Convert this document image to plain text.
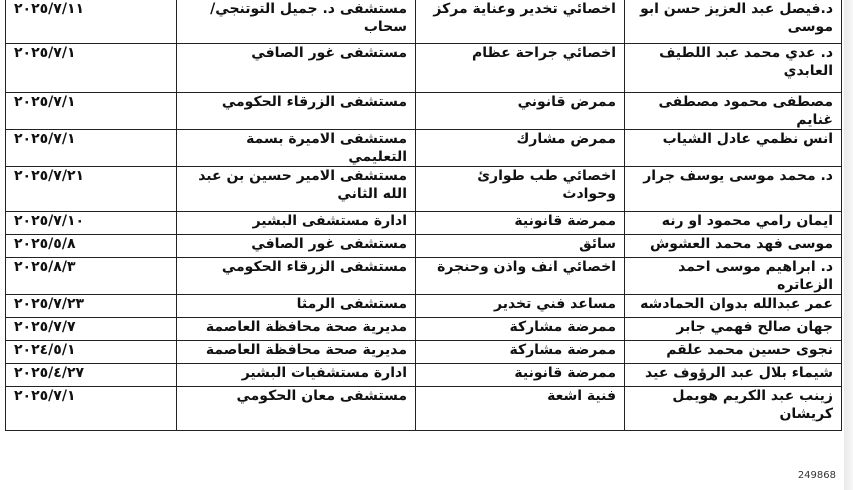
د.فيصل عبد العزيز حسن ابو موسى	اخصائي تخدير وعناية مركز	مستشفى د. جميل التوتنجي/ سحاب	٢٠٢٥/٧/١١
د. عدي محمد عبد اللطيف العابدي	اخصائي جراحة عظام	مستشفى غور الصافي	٢٠٢٥/٧/١
مصطفى محمود مصطفى غنايم	ممرض قانوني	مستشفى الزرقاء الحكومي	٢٠٢٥/٧/١
انس نظمي عادل الشياب	ممرض مشارك	مستشفى الاميرة بسمة التعليمي	٢٠٢٥/٧/١
د. محمد موسى يوسف جرار	اخصائي طب طوارئ وحوادث	مستشفى الامير حسين بن عبد الله الثاني	٢٠٢٥/٧/٢١
ايمان رامي محمود او رنه	ممرضة قانونية	ادارة مستشفى البشير	٢٠٢٥/٧/١٠
موسى فهد محمد العشوش	سائق	مستشفى غور الصافي	٢٠٢٥/٥/٨
د. ابراهيم موسى احمد الزعاتره	اخصائي انف واذن وحنجرة	مستشفى الزرقاء الحكومي	٢٠٢٥/٨/٣
عمر عبدالله بدوان الحمادشه	مساعد فني تخدير	مستشفى الرمثا	٢٠٢٥/٧/٢٣
جهان صالح فهمي جابر	ممرضة مشاركة	مديرية صحة محافظة العاصمة	٢٠٢٥/٧/٧
نجوى حسين محمد علقم	ممرضة مشاركة	مديرية صحة محافظة العاصمة	٢٠٢٤/٥/١
شيماء بلال عبد الرؤوف عيد	ممرضة قانونية	ادارة مستشفيات البشير	٢٠٢٥/٤/٢٧
زينب عبد الكريم هويمل كريشان	فنية اشعة	مستشفى معان الحكومي	٢٠٢٥/٧/١
249868
